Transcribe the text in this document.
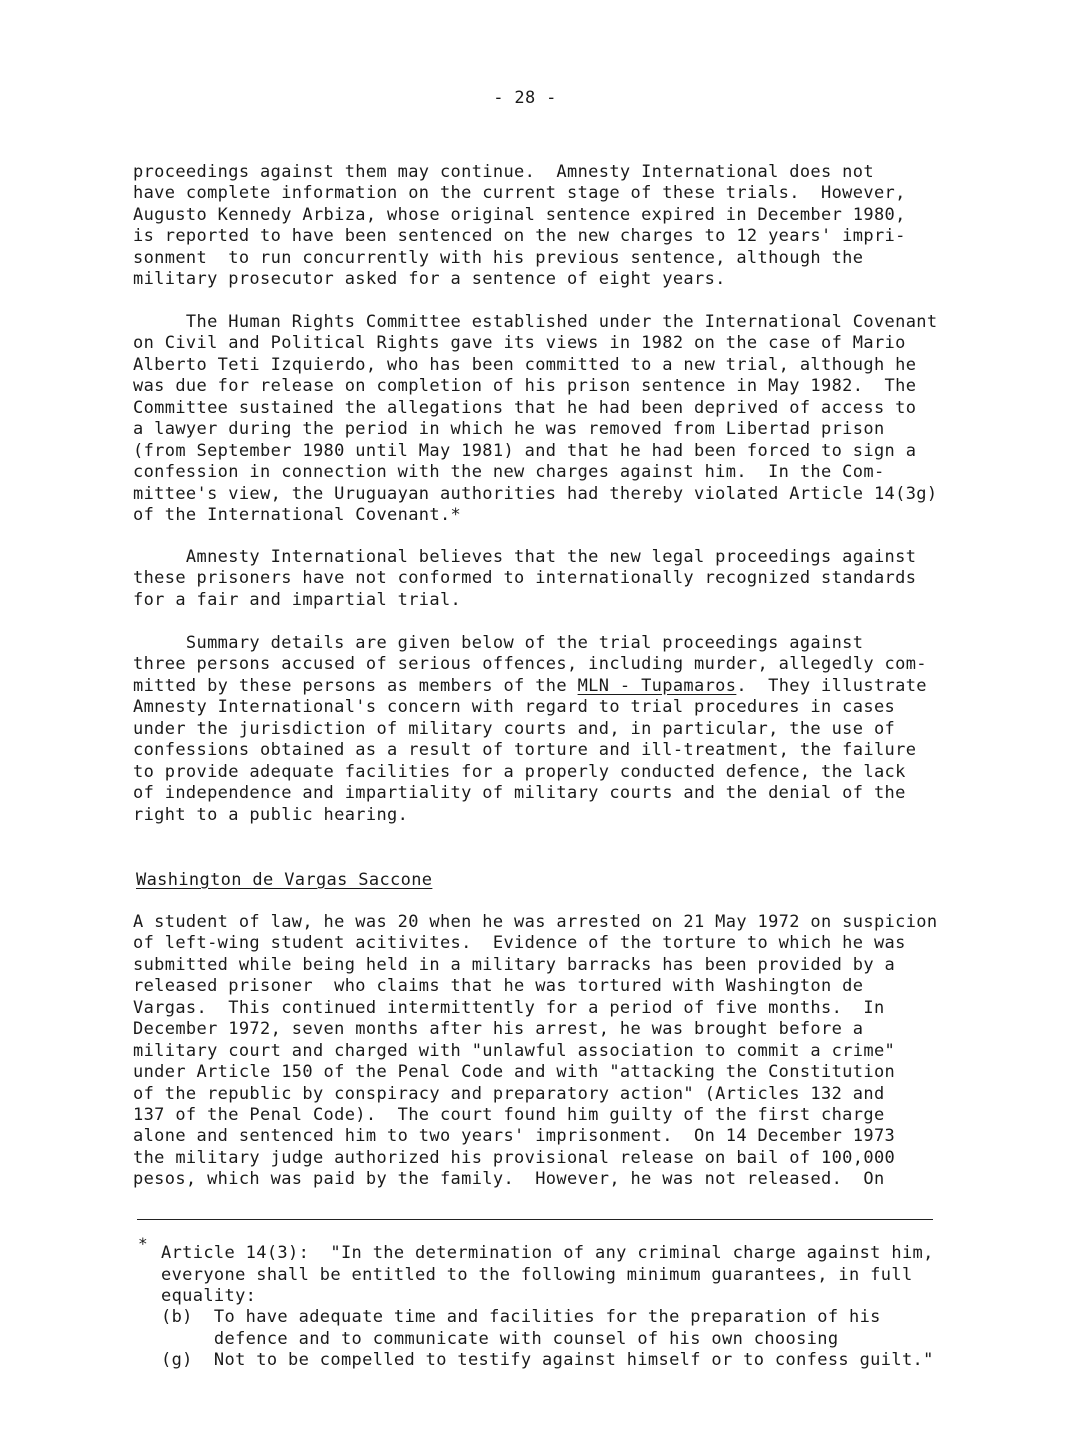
- 28 -
proceedings against them may continue.  Amnesty International does not
have complete information on the current stage of these trials.  However,
Augusto Kennedy Arbiza, whose original sentence expired in December 1980,
is reported to have been sentenced on the new charges to 12 years' impri-
sonment  to run concurrently with his previous sentence, although the
military prosecutor asked for a sentence of eight years.
The Human Rights Committee established under the International Covenant
on Civil and Political Rights gave its views in 1982 on the case of Mario
Alberto Teti Izquierdo, who has been committed to a new trial, although he
was due for release on completion of his prison sentence in May 1982.  The
Committee sustained the allegations that he had been deprived of access to
a lawyer during the period in which he was removed from Libertad prison
(from September 1980 until May 1981) and that he had been forced to sign a
confession in connection with the new charges against him.  In the Com-
mittee's view, the Uruguayan authorities had thereby violated Article 14(3g)
of the International Covenant.*
Amnesty International believes that the new legal proceedings against
these prisoners have not conformed to internationally recognized standards
for a fair and impartial trial.
Summary details are given below of the trial proceedings against
three persons accused of serious offences, including murder, allegedly com-
mitted by these persons as members of the MLN - Tupamaros.  They illustrate
Amnesty International's concern with regard to trial procedures in cases
under the jurisdiction of military courts and, in particular, the use of
confessions obtained as a result of torture and ill-treatment, the failure
to provide adequate facilities for a properly conducted defence, the lack
of independence and impartiality of military courts and the denial of the
right to a public hearing.
Washington de Vargas Saccone
A student of law, he was 20 when he was arrested on 21 May 1972 on suspicion
of left-wing student acitivites.  Evidence of the torture to which he was
submitted while being held in a military barracks has been provided by a
released prisoner  who claims that he was tortured with Washington de
Vargas.  This continued intermittently for a period of five months.  In
December 1972, seven months after his arrest, he was brought before a
military court and charged with "unlawful association to commit a crime"
under Article 150 of the Penal Code and with "attacking the Constitution
of the republic by conspiracy and preparatory action" (Articles 132 and
137 of the Penal Code).  The court found him guilty of the first charge
alone and sentenced him to two years' imprisonment.  On 14 December 1973
the military judge authorized his provisional release on bail of 100,000
pesos, which was paid by the family.  However, he was not released.  On
* Article 14(3):  "In the determination of any criminal charge against him,
everyone shall be entitled to the following minimum guarantees, in full
equality:
(b)  To have adequate time and facilities for the preparation of his
defence and to communicate with counsel of his own choosing
(g)  Not to be compelled to testify against himself or to confess guilt."
